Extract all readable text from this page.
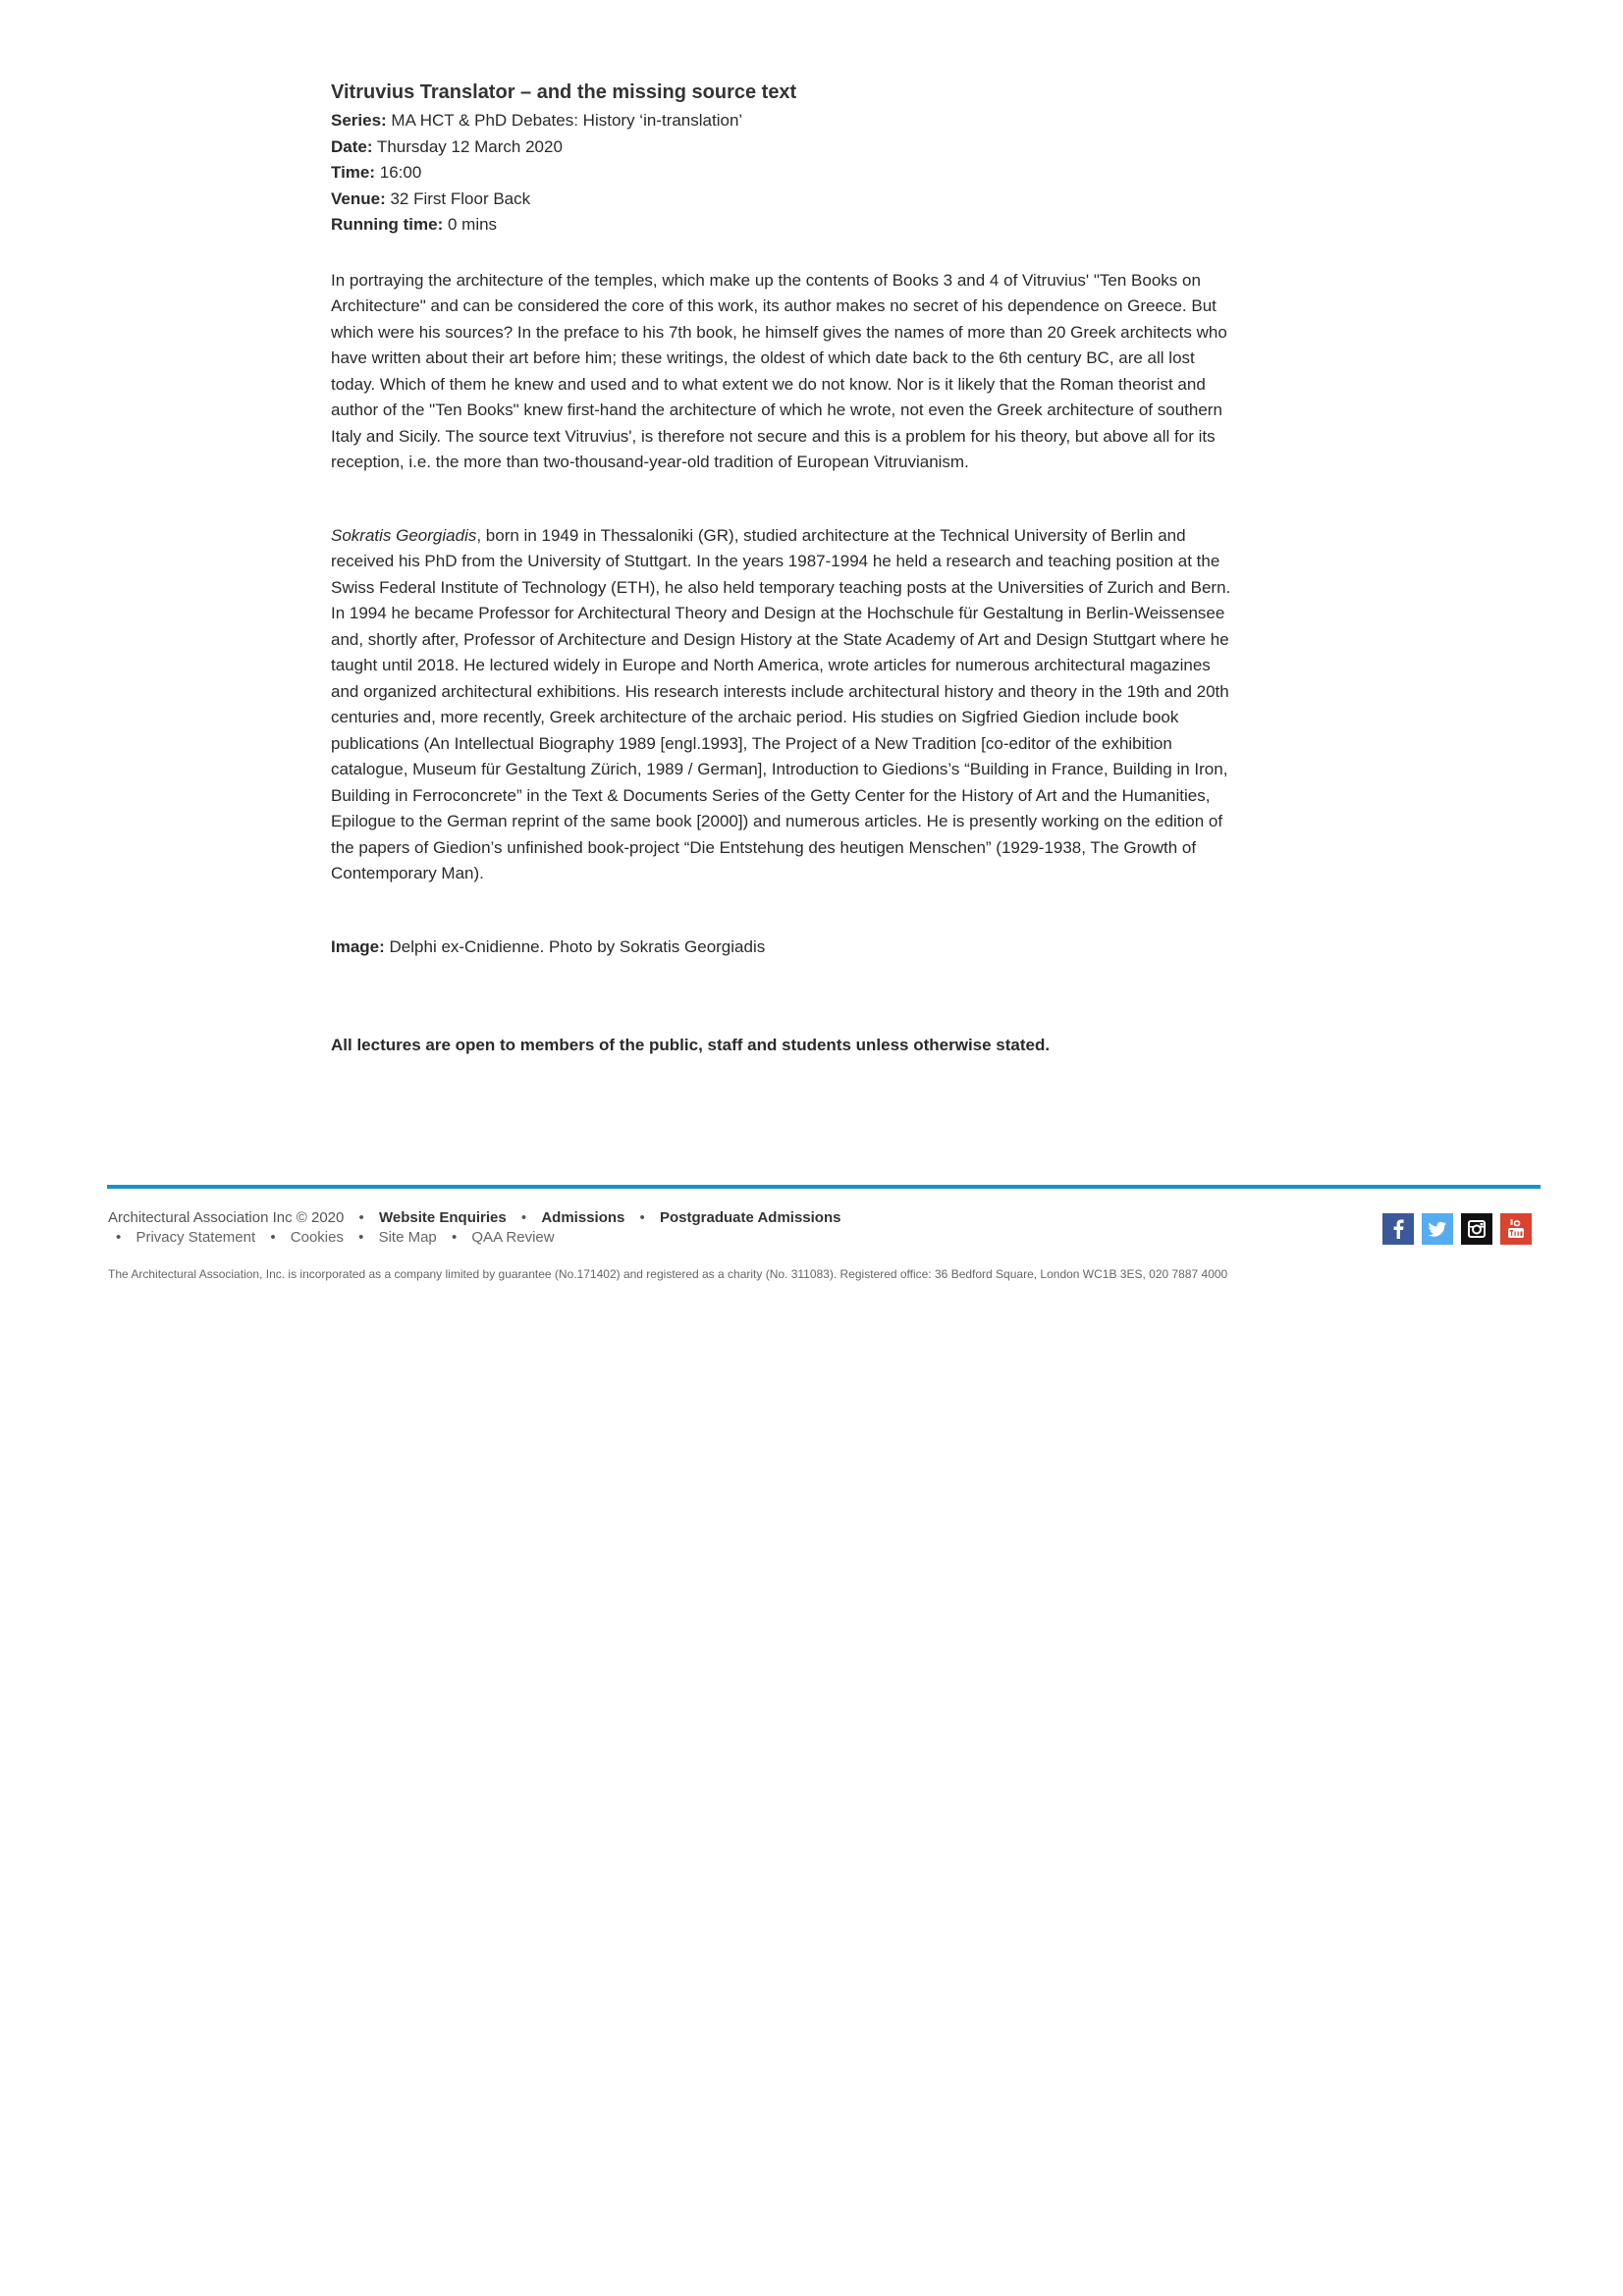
Vitruvius Translator – and the missing source text

Series: MA HCT & PhD Debates: History ‘in-translation’

Date: Thursday 12 March 2020

Time: 16:00

Venue: 32 First Floor Back

Running time: 0 mins

In portraying the architecture of the temples, which make up the contents of Books 3 and 4 of Vitruvius' "Ten Books on Architecture" and can be considered the core of this work, its author makes no secret of his dependence on Greece. But which were his sources? In the preface to his 7th book, he himself gives the names of more than 20 Greek architects who have written about their art before him; these writings, the oldest of which date back to the 6th century BC, are all lost today. Which of them he knew and used and to what extent we do not know. Nor is it likely that the Roman theorist and author of the "Ten Books" knew first-hand the architecture of which he wrote, not even the Greek architecture of southern Italy and Sicily. The source text Vitruvius', is therefore not secure and this is a problem for his theory, but above all for its reception, i.e. the more than two-thousand-year-old tradition of European Vitruvianism.

Sokratis Georgiadis, born in 1949 in Thessaloniki (GR), studied architecture at the Technical University of Berlin and received his PhD from the University of Stuttgart. In the years 1987-1994 he held a research and teaching position at the Swiss Federal Institute of Technology (ETH), he also held temporary teaching posts at the Universities of Zurich and Bern. In 1994 he became Professor for Architectural Theory and Design at the Hochschule für Gestaltung in Berlin-Weissensee and, shortly after, Professor of Architecture and Design History at the State Academy of Art and Design Stuttgart where he taught until 2018. He lectured widely in Europe and North America, wrote articles for numerous architectural magazines and organized architectural exhibitions. His research interests include architectural history and theory in the 19th and 20th centuries and, more recently, Greek architecture of the archaic period. His studies on Sigfried Giedion include book publications (An Intellectual Biography 1989 [engl.1993], The Project of a New Tradition [co-editor of the exhibition catalogue, Museum für Gestaltung Zürich, 1989 / German], Introduction to Giedions’s “Building in France, Building in Iron, Building in Ferroconcrete” in the Text & Documents Series of the Getty Center for the History of Art and the Humanities, Epilogue to the German reprint of the same book [2000]) and numerous articles. He is presently working on the edition of the papers of Giedion’s unfinished book-project “Die Entstehung des heutigen Menschen” (1929-1938, The Growth of Contemporary Man).

Image: Delphi ex-Cnidienne. Photo by Sokratis Georgiadis

All lectures are open to members of the public, staff and students unless otherwise stated.

Architectural Association Inc © 2020 • Website Enquiries • Admissions • Postgraduate Admissions
• Privacy Statement • Cookies • Site Map • QAA Review
The Architectural Association, Inc. is incorporated as a company limited by guarantee (No.171402) and registered as a charity (No. 311083). Registered office: 36 Bedford Square, London WC1B 3ES, 020 7887 4000
